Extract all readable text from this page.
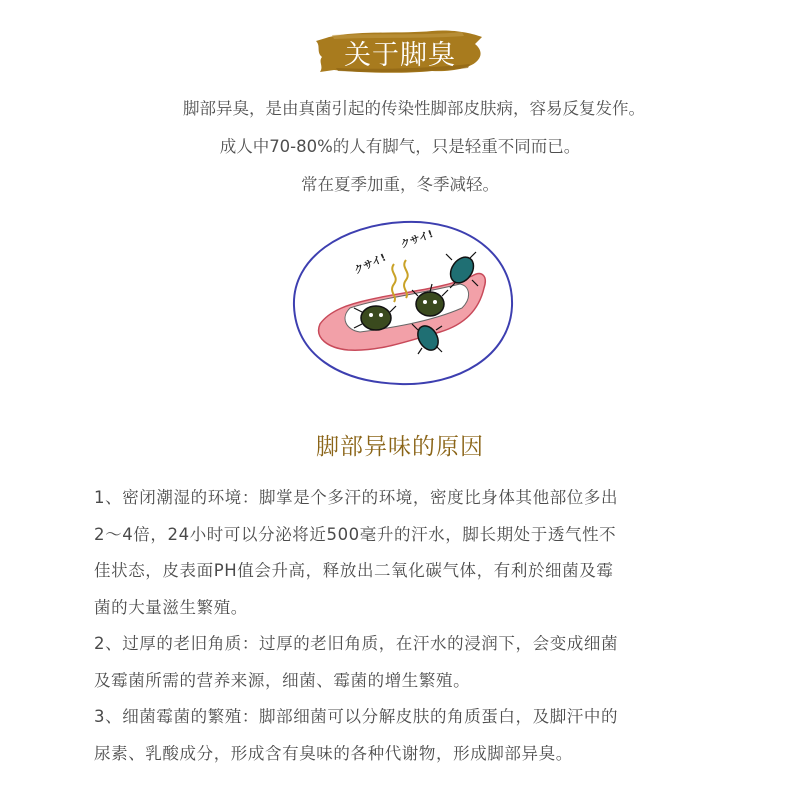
关于脚臭
脚部异臭，是由真菌引起的传染性脚部皮肤病，容易反复发作。
成人中70-80%的人有脚气，只是轻重不同而已。
常在夏季加重，冬季减轻。
クサイ!
クサイ!
脚部异味的原因
1、密闭潮湿的环境：脚掌是个多汗的环境，密度比身体其他部位多出
2～4倍，24小时可以分泌将近500毫升的汗水，脚长期处于透气性不
佳状态，皮表面PH值会升高，释放出二氧化碳气体，有利於细菌及霉
菌的大量滋生繁殖。
2、过厚的老旧角质：过厚的老旧角质，在汗水的浸润下，会变成细菌
及霉菌所需的营养来源，细菌、霉菌的增生繁殖。
3、细菌霉菌的繁殖：脚部细菌可以分解皮肤的角质蛋白，及脚汗中的
尿素、乳酸成分，形成含有臭味的各种代谢物，形成脚部异臭。
